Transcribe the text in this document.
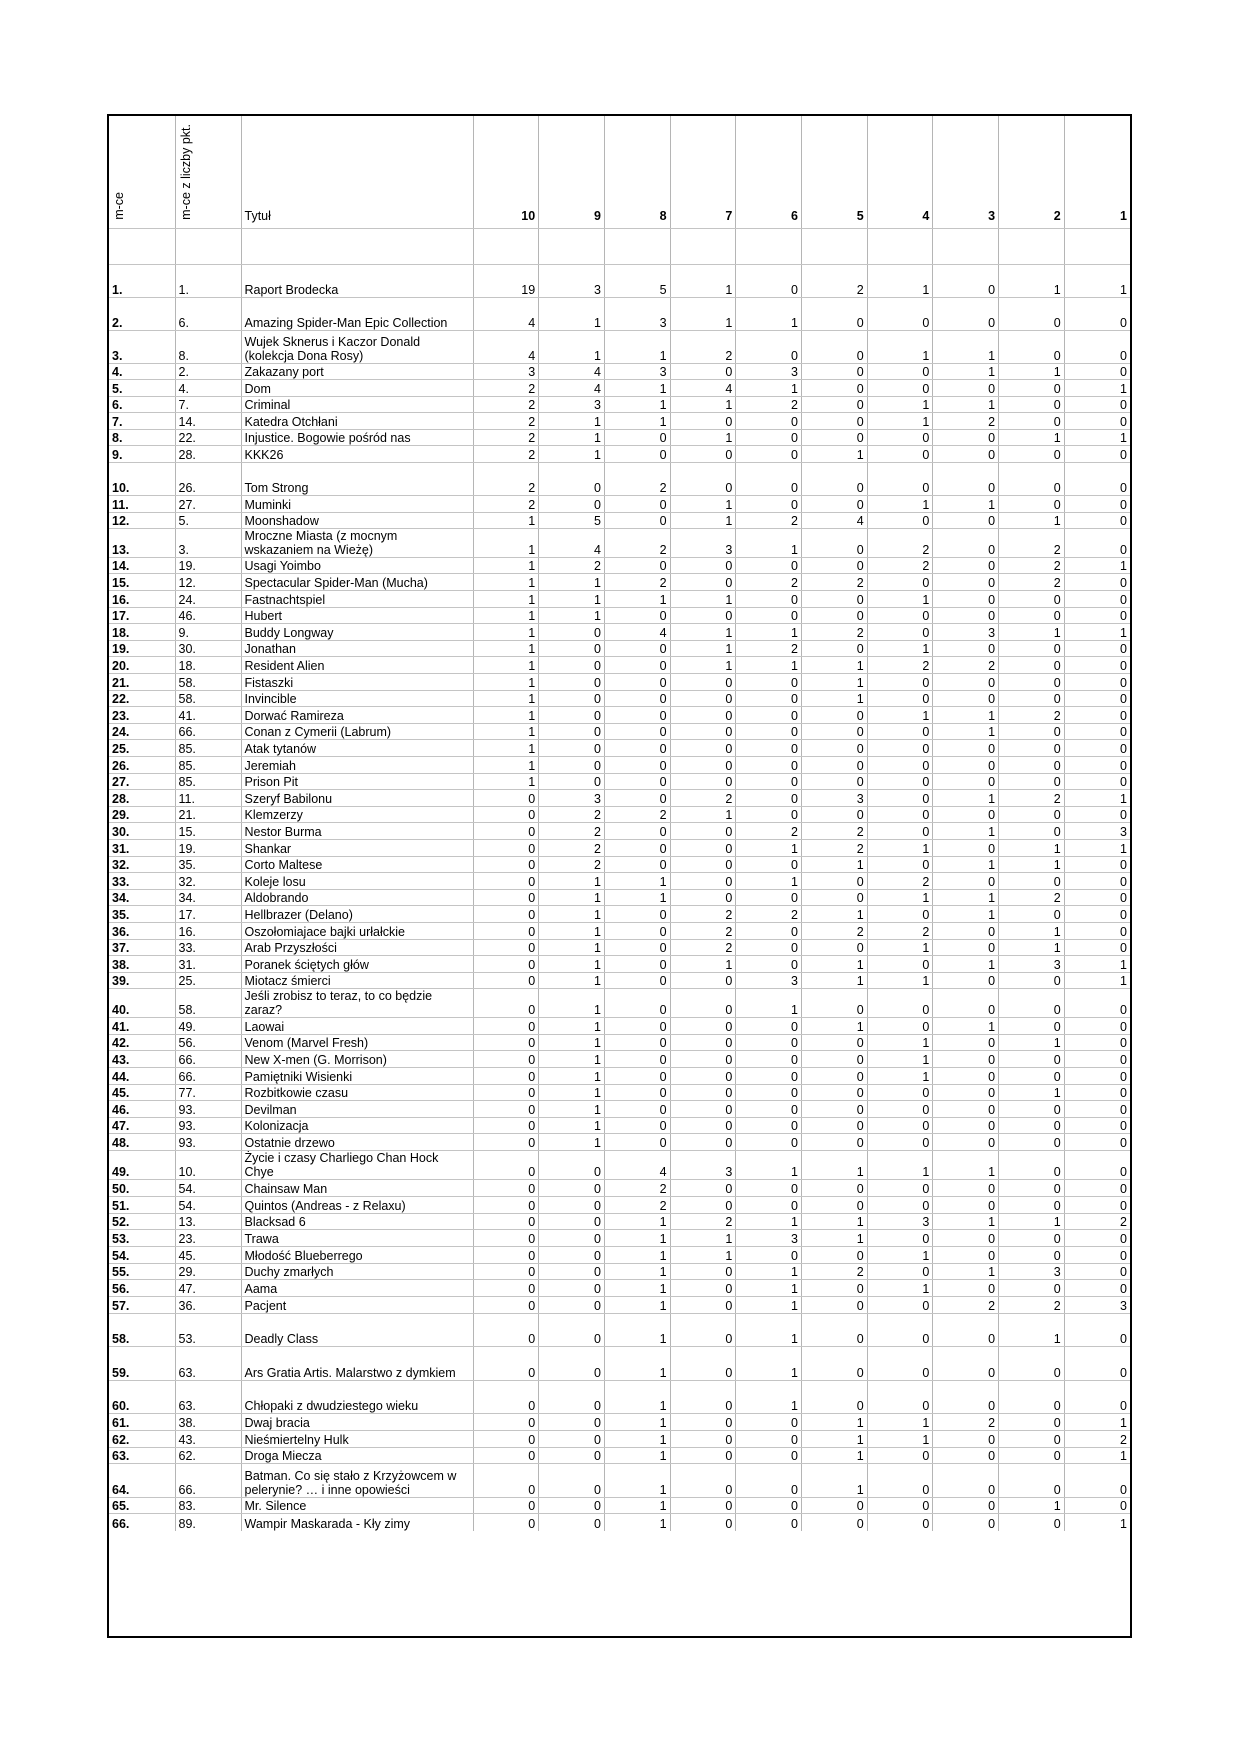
m-ce	m-ce z liczby pkt.	Tytuł	10	9	8	7	6	5	4	3	2	1

1.	1.	Raport Brodecka	19	3	5	1	0	2	1	0	1	1
2.	6.	Amazing Spider-Man Epic Collection	4	1	3	1	1	0	0	0	0	0
3.	8.	Wujek Sknerus i Kaczor Donald (kolekcja Dona Rosy)	4	1	1	2	0	0	1	1	0	0
4.	2.	Zakazany port	3	4	3	0	3	0	0	1	1	0
5.	4.	Dom	2	4	1	4	1	0	0	0	0	1
6.	7.	Criminal	2	3	1	1	2	0	1	1	0	0
7.	14.	Katedra Otchłani	2	1	1	0	0	0	1	2	0	0
8.	22.	Injustice. Bogowie pośród nas	2	1	0	1	0	0	0	0	1	1
9.	28.	KKK26	2	1	0	0	0	1	0	0	0	0
10.	26.	Tom Strong	2	0	2	0	0	0	0	0	0	0
11.	27.	Muminki	2	0	0	1	0	0	1	1	0	0
12.	5.	Moonshadow	1	5	0	1	2	4	0	0	1	0
13.	3.	Mroczne Miasta (z mocnym wskazaniem na Wieżę)	1	4	2	3	1	0	2	0	2	0
14.	19.	Usagi Yoimbo	1	2	0	0	0	0	2	0	2	1
15.	12.	Spectacular Spider-Man (Mucha)	1	1	2	0	2	2	0	0	2	0
16.	24.	Fastnachtspiel	1	1	1	1	0	0	1	0	0	0
17.	46.	Hubert	1	1	0	0	0	0	0	0	0	0
18.	9.	Buddy Longway	1	0	4	1	1	2	0	3	1	1
19.	30.	Jonathan	1	0	0	1	2	0	1	0	0	0
20.	18.	Resident Alien	1	0	0	1	1	1	2	2	0	0
21.	58.	Fistaszki	1	0	0	0	0	1	0	0	0	0
22.	58.	Invincible	1	0	0	0	0	1	0	0	0	0
23.	41.	Dorwać Ramireza	1	0	0	0	0	0	1	1	2	0
24.	66.	Conan z Cymerii (Labrum)	1	0	0	0	0	0	0	1	0	0
25.	85.	Atak tytanów	1	0	0	0	0	0	0	0	0	0
26.	85.	Jeremiah	1	0	0	0	0	0	0	0	0	0
27.	85.	Prison Pit	1	0	0	0	0	0	0	0	0	0
28.	11.	Szeryf Babilonu	0	3	0	2	0	3	0	1	2	1
29.	21.	Klemzerzy	0	2	2	1	0	0	0	0	0	0
30.	15.	Nestor Burma	0	2	0	0	2	2	0	1	0	3
31.	19.	Shankar	0	2	0	0	1	2	1	0	1	1
32.	35.	Corto Maltese	0	2	0	0	0	1	0	1	1	0
33.	32.	Koleje losu	0	1	1	0	1	0	2	0	0	0
34.	34.	Aldobrando	0	1	1	0	0	0	1	1	2	0
35.	17.	Hellbrazer (Delano)	0	1	0	2	2	1	0	1	0	0
36.	16.	Oszołomiajace bajki urłałckie	0	1	0	2	0	2	2	0	1	0
37.	33.	Arab Przyszłości	0	1	0	2	0	0	1	0	1	0
38.	31.	Poranek ściętych głów	0	1	0	1	0	1	0	1	3	1
39.	25.	Miotacz śmierci	0	1	0	0	3	1	1	0	0	1
40.	58.	Jeśli zrobisz to teraz, to co będzie zaraz?	0	1	0	0	1	0	0	0	0	0
41.	49.	Laowai	0	1	0	0	0	1	0	1	0	0
42.	56.	Venom (Marvel Fresh)	0	1	0	0	0	0	1	0	1	0
43.	66.	New X-men (G. Morrison)	0	1	0	0	0	0	1	0	0	0
44.	66.	Pamiętniki Wisienki	0	1	0	0	0	0	1	0	0	0
45.	77.	Rozbitkowie czasu	0	1	0	0	0	0	0	0	1	0
46.	93.	Devilman	0	1	0	0	0	0	0	0	0	0
47.	93.	Kolonizacja	0	1	0	0	0	0	0	0	0	0
48.	93.	Ostatnie drzewo	0	1	0	0	0	0	0	0	0	0
49.	10.	Życie i czasy Charliego Chan Hock Chye	0	0	4	3	1	1	1	1	0	0
50.	54.	Chainsaw Man	0	0	2	0	0	0	0	0	0	0
51.	54.	Quintos (Andreas - z Relaxu)	0	0	2	0	0	0	0	0	0	0
52.	13.	Blacksad 6	0	0	1	2	1	1	3	1	1	2
53.	23.	Trawa	0	0	1	1	3	1	0	0	0	0
54.	45.	Młodość Blueberrego	0	0	1	1	0	0	1	0	0	0
55.	29.	Duchy zmarłych	0	0	1	0	1	2	0	1	3	0
56.	47.	Aama	0	0	1	0	1	0	1	0	0	0
57.	36.	Pacjent	0	0	1	0	1	0	0	2	2	3
58.	53.	Deadly Class	0	0	1	0	1	0	0	0	1	0
59.	63.	Ars Gratia Artis. Malarstwo z dymkiem	0	0	1	0	1	0	0	0	0	0
60.	63.	Chłopaki z dwudziestego wieku	0	0	1	0	1	0	0	0	0	0
61.	38.	Dwaj bracia	0	0	1	0	0	1	1	2	0	1
62.	43.	Nieśmiertelny Hulk	0	0	1	0	0	1	1	0	0	2
63.	62.	Droga Miecza	0	0	1	0	0	1	0	0	0	1
64.	66.	Batman. Co się stało z Krzyżowcem w pelerynie? … i inne opowieści	0	0	1	0	0	1	0	0	0	0
65.	83.	Mr. Silence	0	0	1	0	0	0	0	0	1	0
66.	89.	Wampir Maskarada - Kły zimy	0	0	1	0	0	0	0	0	0	1
